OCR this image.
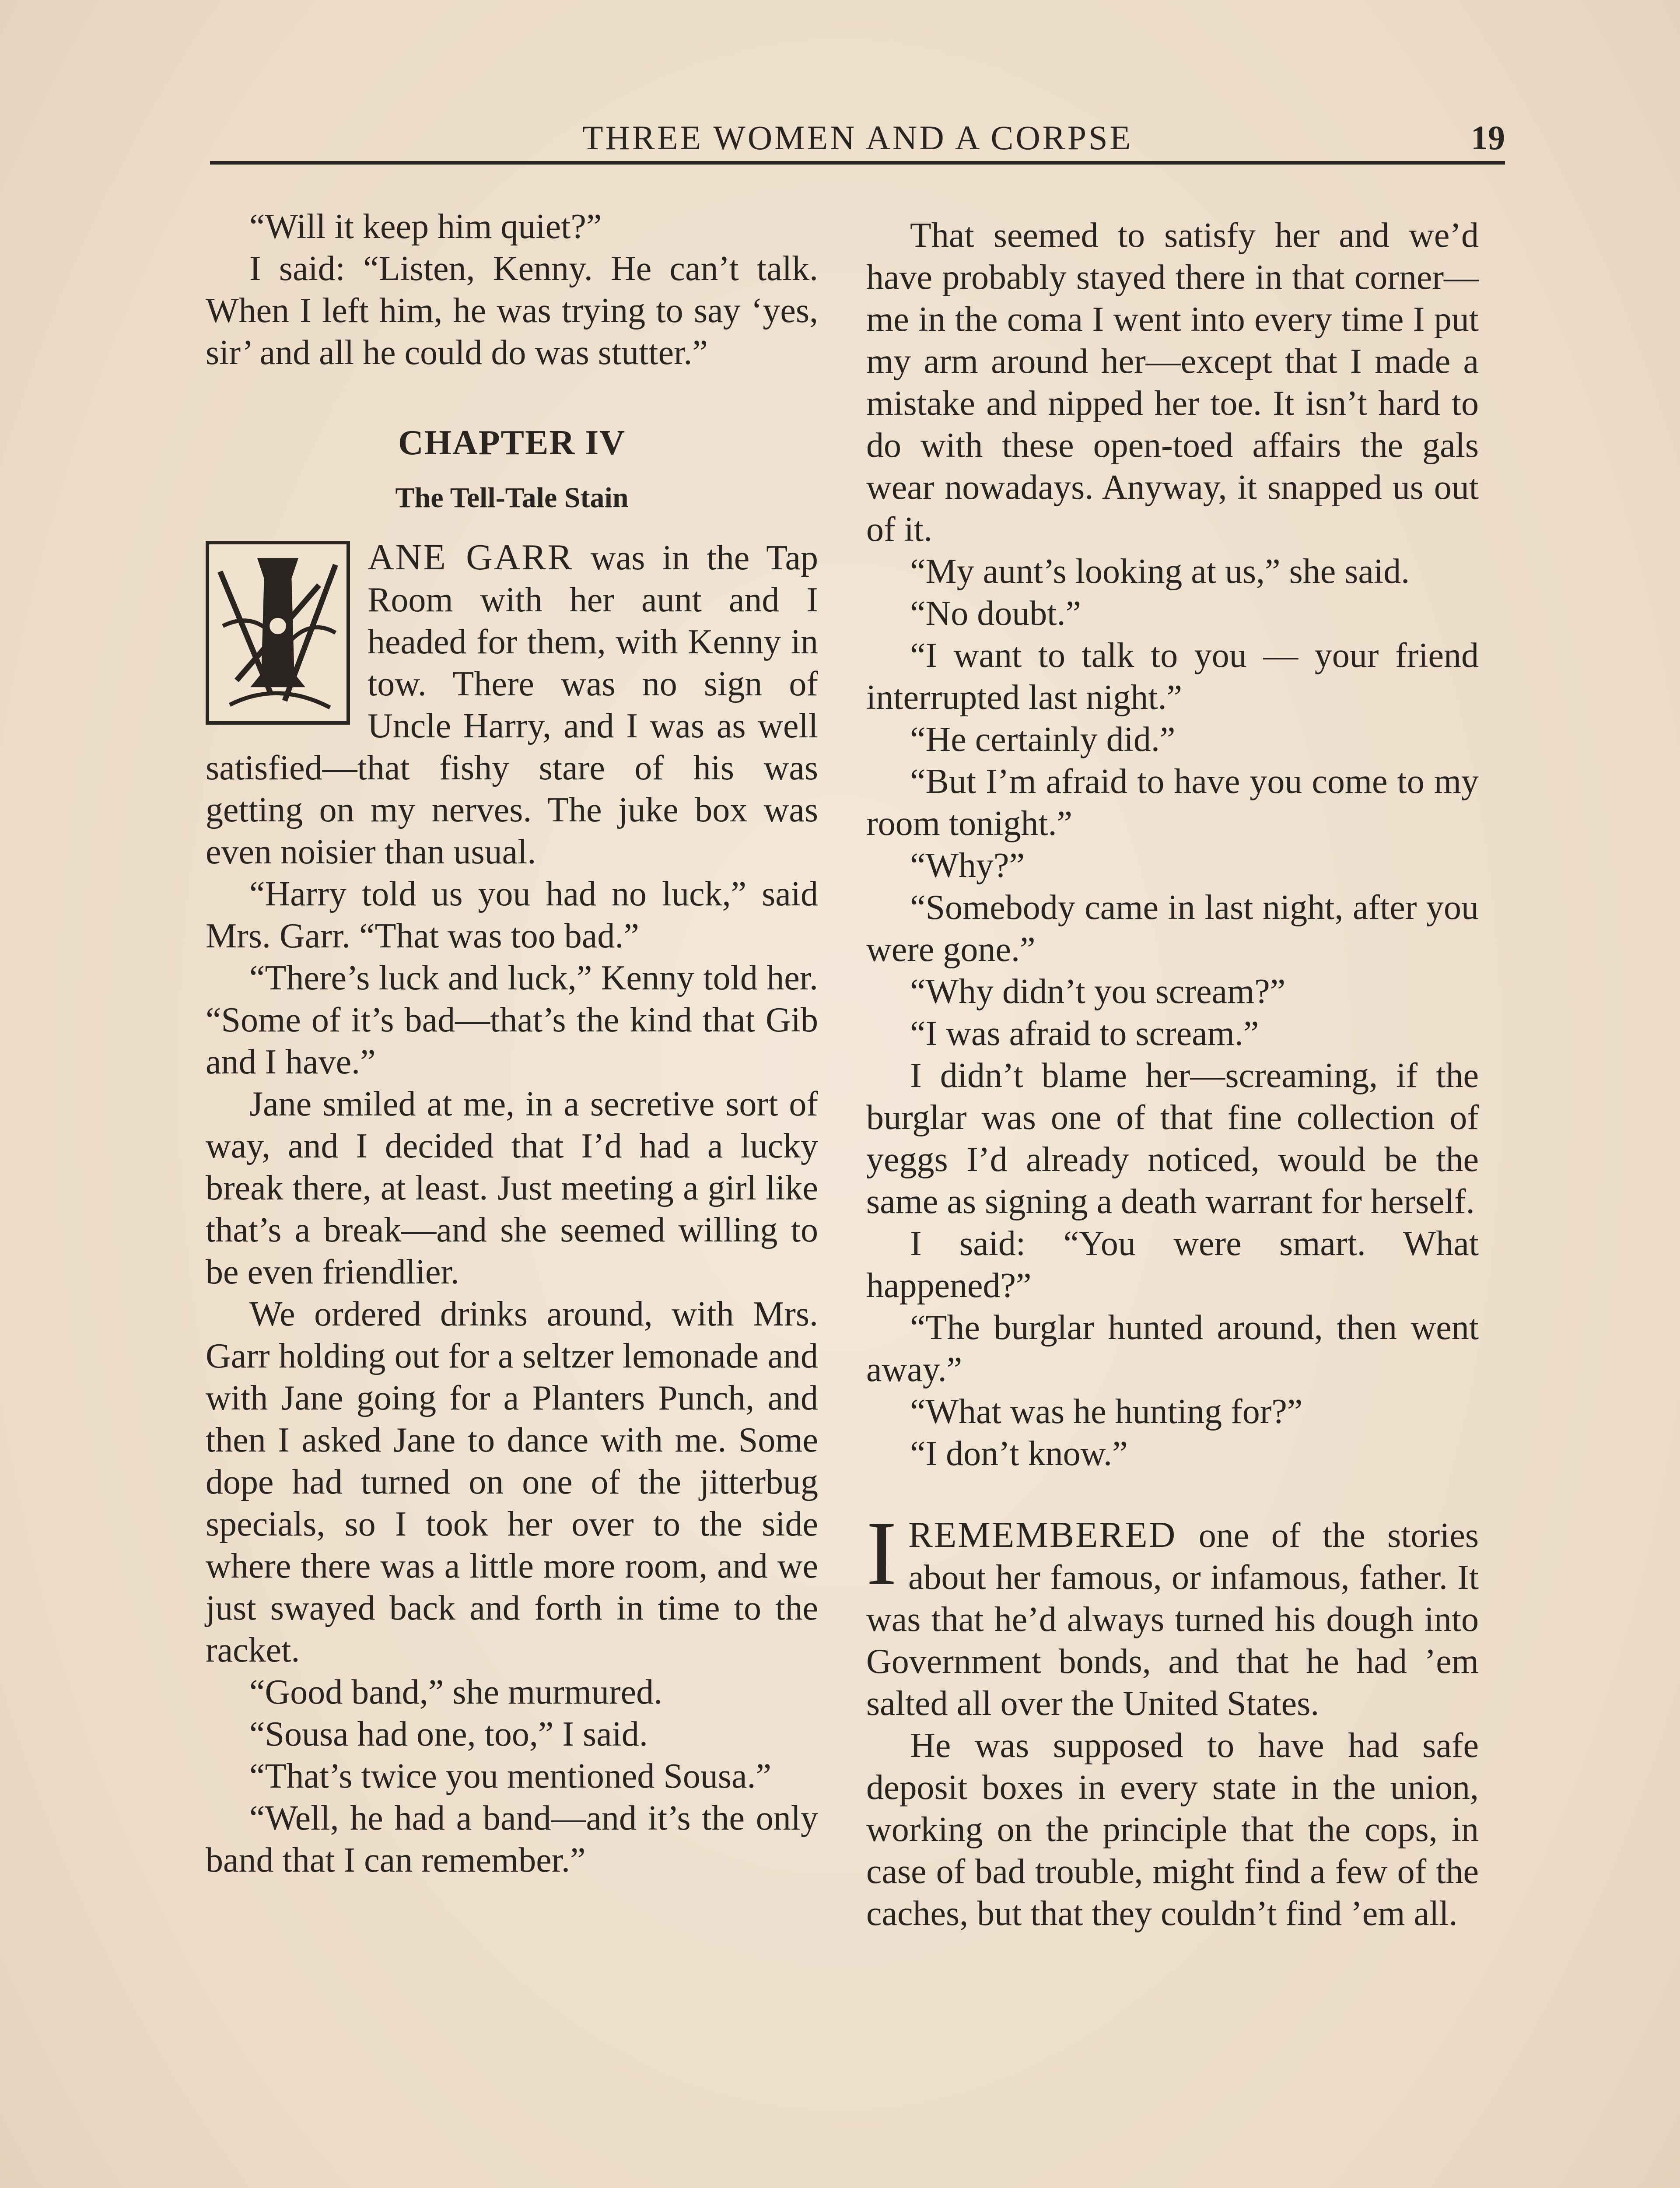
THREE WOMEN AND A CORPSE	19

“Will it keep him quiet?”

I said: “Listen, Kenny. He can’t talk. When I left him, he was trying to say ‘yes, sir’ and all he could do was stutter.”

CHAPTER IV
The Tell-Tale Stain

ANE GARR was in the Tap Room with her aunt and I headed for them, with Kenny in tow. There was no sign of Uncle Harry, and I was as well satisfied—that fishy stare of his was getting on my nerves. The juke box was even noisier than usual.

“Harry told us you had no luck,” said Mrs. Garr. “That was too bad.”

“There’s luck and luck,” Kenny told her. “Some of it’s bad—that’s the kind that Gib and I have.”

Jane smiled at me, in a secretive sort of way, and I decided that I’d had a lucky break there, at least. Just meeting a girl like that’s a break—and she seemed willing to be even friendlier.

We ordered drinks around, with Mrs. Garr holding out for a seltzer lemonade and with Jane going for a Planters Punch, and then I asked Jane to dance with me. Some dope had turned on one of the jitterbug specials, so I took her over to the side where there was a little more room, and we just swayed back and forth in time to the racket.

“Good band,” she murmured.

“Sousa had one, too,” I said.

“That’s twice you mentioned Sousa.”

“Well, he had a band—and it’s the only band that I can remember.”

That seemed to satisfy her and we’d have probably stayed there in that corner—me in the coma I went into every time I put my arm around her—except that I made a mistake and nipped her toe. It isn’t hard to do with these open-toed affairs the gals wear nowadays. Anyway, it snapped us out of it.

“My aunt’s looking at us,” she said.

“No doubt.”

“I want to talk to you — your friend interrupted last night.”

“He certainly did.”

“But I’m afraid to have you come to my room tonight.”

“Why?”

“Somebody came in last night, after you were gone.”

“Why didn’t you scream?”

“I was afraid to scream.”

I didn’t blame her—screaming, if the burglar was one of that fine collection of yeggs I’d already noticed, would be the same as signing a death warrant for herself.

I said: “You were smart. What happened?”

“The burglar hunted around, then went away.”

“What was he hunting for?”

“I don’t know.”

I REMEMBERED one of the stories about her famous, or infamous, father. It was that he’d always turned his dough into Government bonds, and that he had ’em salted all over the United States.

He was supposed to have had safe deposit boxes in every state in the union, working on the principle that the cops, in case of bad trouble, might find a few of the caches, but that they couldn’t find ’em all.
